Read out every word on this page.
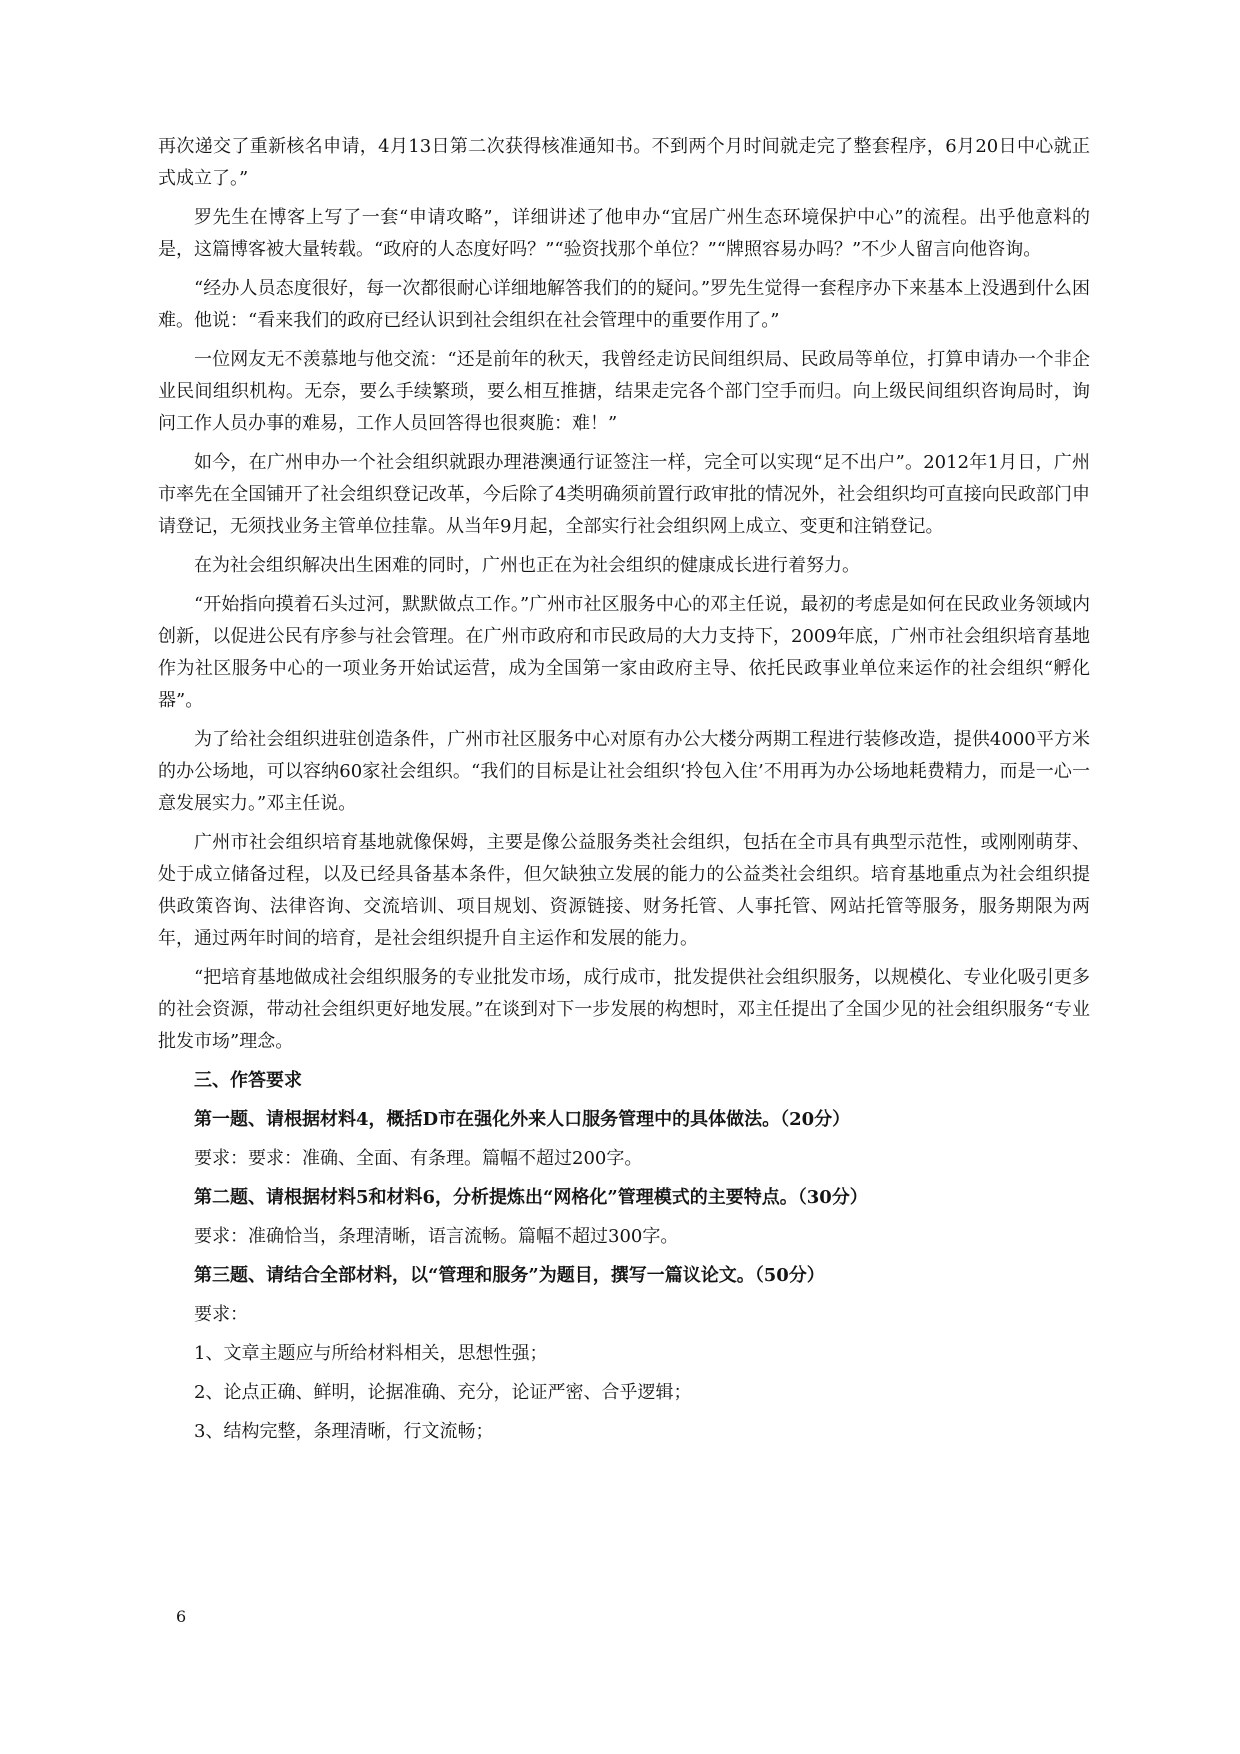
再次递交了重新核名申请，4月13日第二次获得核准通知书。不到两个月时间就走完了整套程序，6月20日中心就正式成立了。”

罗先生在博客上写了一套“申请攻略”，详细讲述了他申办“宜居广州生态环境保护中心”的流程。出乎他意料的是，这篇博客被大量转载。“政府的人态度好吗？”“验资找那个单位？”“牌照容易办吗？”不少人留言向他咨询。

“经办人员态度很好，每一次都很耐心详细地解答我们的的疑问。”罗先生觉得一套程序办下来基本上没遇到什么困难。他说：“看来我们的政府已经认识到社会组织在社会管理中的重要作用了。”

一位网友无不羡慕地与他交流：“还是前年的秋天，我曾经走访民间组织局、民政局等单位，打算申请办一个非企业民间组织机构。无奈，要么手续繁琐，要么相互推搪，结果走完各个部门空手而归。向上级民间组织咨询局时，询问工作人员办事的难易，工作人员回答得也很爽脆：难！”

如今，在广州申办一个社会组织就跟办理港澳通行证签注一样，完全可以实现“足不出户”。2012年1月日，广州市率先在全国铺开了社会组织登记改革，今后除了4类明确须前置行政审批的情况外，社会组织均可直接向民政部门申请登记，无须找业务主管单位挂靠。从当年9月起，全部实行社会组织网上成立、变更和注销登记。

在为社会组织解决出生困难的同时，广州也正在为社会组织的健康成长进行着努力。

“开始指向摸着石头过河，默默做点工作。”广州市社区服务中心的邓主任说，最初的考虑是如何在民政业务领域内创新，以促进公民有序参与社会管理。在广州市政府和市民政局的大力支持下，2009年底，广州市社会组织培育基地作为社区服务中心的一项业务开始试运营，成为全国第一家由政府主导、依托民政事业单位来运作的社会组织“孵化器”。

为了给社会组织进驻创造条件，广州市社区服务中心对原有办公大楼分两期工程进行装修改造，提供4000平方米的办公场地，可以容纳60家社会组织。“我们的目标是让社会组织‘拎包入住’不用再为办公场地耗费精力，而是一心一意发展实力。”邓主任说。

广州市社会组织培育基地就像保姆，主要是像公益服务类社会组织，包括在全市具有典型示范性，或刚刚萌芽、处于成立储备过程，以及已经具备基本条件，但欠缺独立发展的能力的公益类社会组织。培育基地重点为社会组织提供政策咨询、法律咨询、交流培训、项目规划、资源链接、财务托管、人事托管、网站托管等服务，服务期限为两年，通过两年时间的培育，是社会组织提升自主运作和发展的能力。

“把培育基地做成社会组织服务的专业批发市场，成行成市，批发提供社会组织服务，以规模化、专业化吸引更多的社会资源，带动社会组织更好地发展。”在谈到对下一步发展的构想时，邓主任提出了全国少见的社会组织服务“专业批发市场”理念。

三、作答要求

第一题、请根据材料4，概括D市在强化外来人口服务管理中的具体做法。（20分）

要求：要求：准确、全面、有条理。篇幅不超过200字。

第二题、请根据材料5和材料6，分析提炼出“网格化”管理模式的主要特点。（30分）

要求：准确恰当，条理清晰，语言流畅。篇幅不超过300字。

第三题、请结合全部材料，以“管理和服务”为题目，撰写一篇议论文。（50分）

要求：

1、文章主题应与所给材料相关，思想性强；

2、论点正确、鲜明，论据准确、充分，论证严密、合乎逻辑；

3、结构完整，条理清晰，行文流畅；

6
